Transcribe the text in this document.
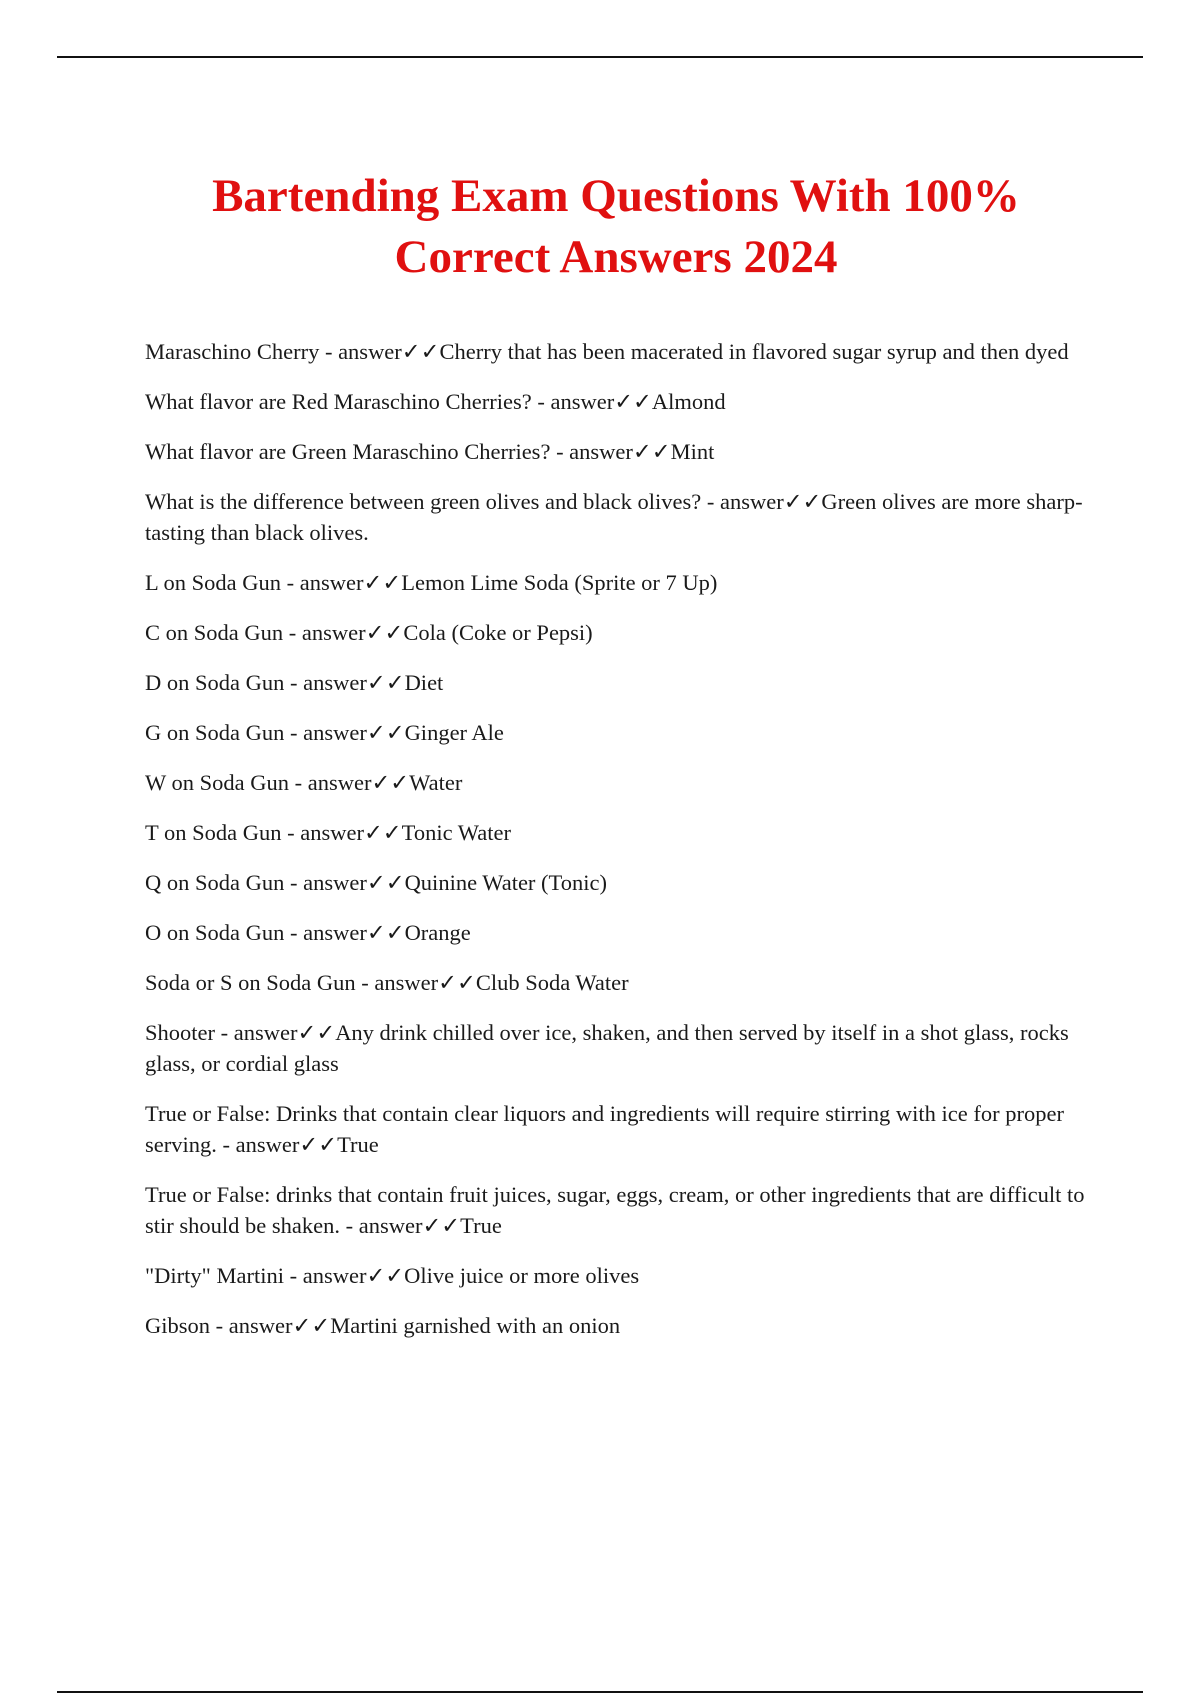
Bartending Exam Questions With 100% Correct Answers 2024
Maraschino Cherry - answer✓✓Cherry that has been macerated in flavored sugar syrup and then dyed
What flavor are Red Maraschino Cherries? - answer✓✓Almond
What flavor are Green Maraschino Cherries? - answer✓✓Mint
What is the difference between green olives and black olives? - answer✓✓Green olives are more sharp-tasting than black olives.
L on Soda Gun - answer✓✓Lemon Lime Soda (Sprite or 7 Up)
C on Soda Gun - answer✓✓Cola (Coke or Pepsi)
D on Soda Gun - answer✓✓Diet
G on Soda Gun - answer✓✓Ginger Ale
W on Soda Gun - answer✓✓Water
T on Soda Gun - answer✓✓Tonic Water
Q on Soda Gun - answer✓✓Quinine Water (Tonic)
O on Soda Gun - answer✓✓Orange
Soda or S on Soda Gun - answer✓✓Club Soda Water
Shooter - answer✓✓Any drink chilled over ice, shaken, and then served by itself in a shot glass, rocks glass, or cordial glass
True or False: Drinks that contain clear liquors and ingredients will require stirring with ice for proper serving. - answer✓✓True
True or False: drinks that contain fruit juices, sugar, eggs, cream, or other ingredients that are difficult to stir should be shaken. - answer✓✓True
"Dirty" Martini - answer✓✓Olive juice or more olives
Gibson - answer✓✓Martini garnished with an onion
